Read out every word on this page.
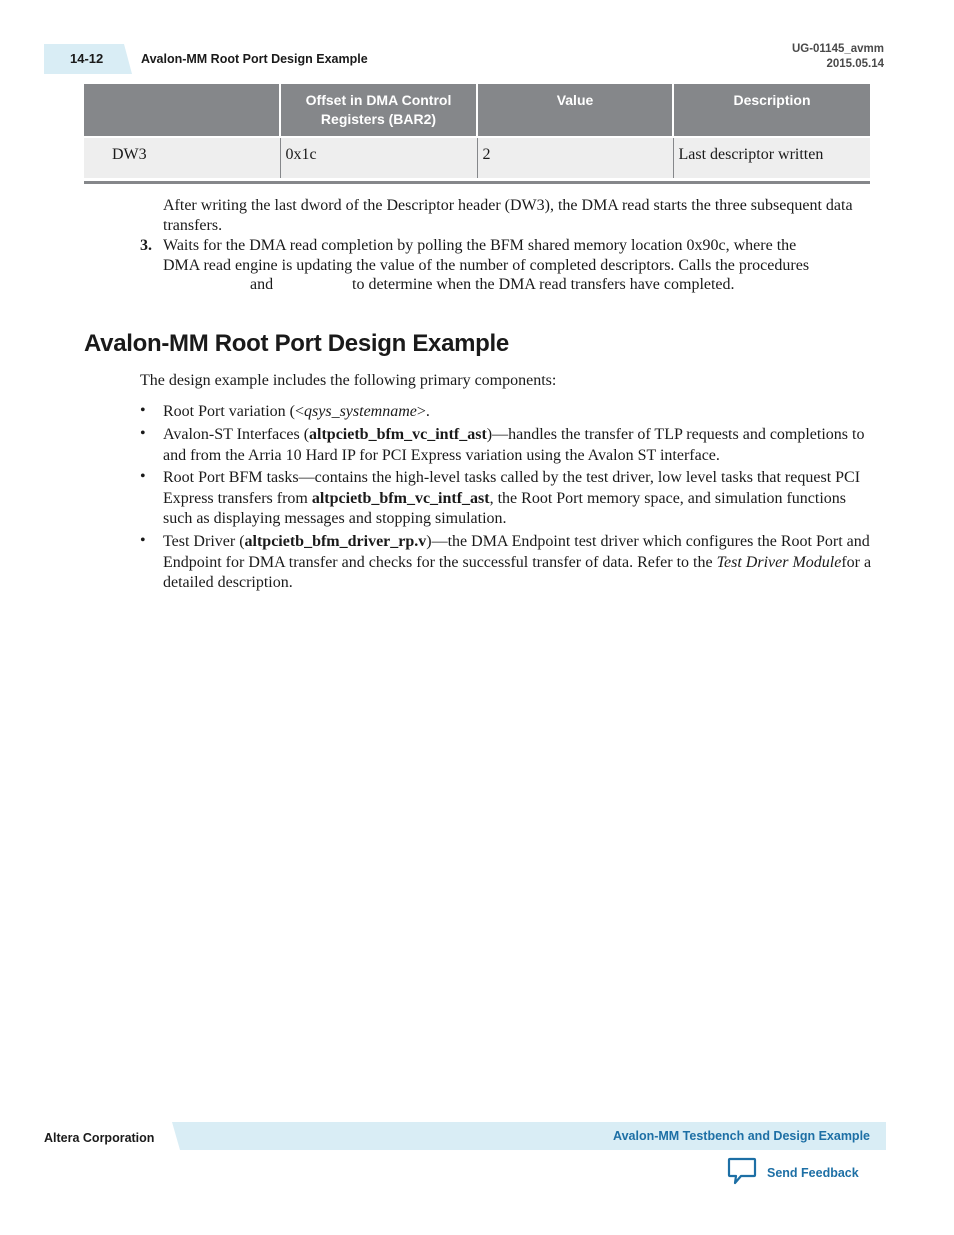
14-12	Avalon-MM Root Port Design Example
UG-01145_avmm
2015.05.14
	Offset in DMA Control Registers (BAR2)	Value	Description
DW3	0x1c	2	Last descriptor written
After writing the last dword of the Descriptor header (DW3), the DMA read starts the three subsequent data transfers.
3. Waits for the DMA read completion by polling the BFM shared memory location 0x90c, where the
DMA read engine is updating the value of the number of completed descriptors. Calls the procedures
and	to determine when the DMA read transfers have completed.
Avalon-MM Root Port Design Example
The design example includes the following primary components:
• Root Port variation (<qsys_systemname>.
• Avalon-ST Interfaces (altpcietb_bfm_vc_intf_ast)—handles the transfer of TLP requests and completions to and from the Arria 10 Hard IP for PCI Express variation using the Avalon ST interface.
• Root Port BFM tasks—contains the high-level tasks called by the test driver, low level tasks that request PCI Express transfers from altpcietb_bfm_vc_intf_ast, the Root Port memory space, and simulation functions such as displaying messages and stopping simulation.
• Test Driver (altpcietb_bfm_driver_rp.v)—the DMA Endpoint test driver which configures the Root Port and Endpoint for DMA transfer and checks for the successful transfer of data. Refer to the Test Driver Modulefor a detailed description.
Altera Corporation	Avalon-MM Testbench and Design Example
Send Feedback
